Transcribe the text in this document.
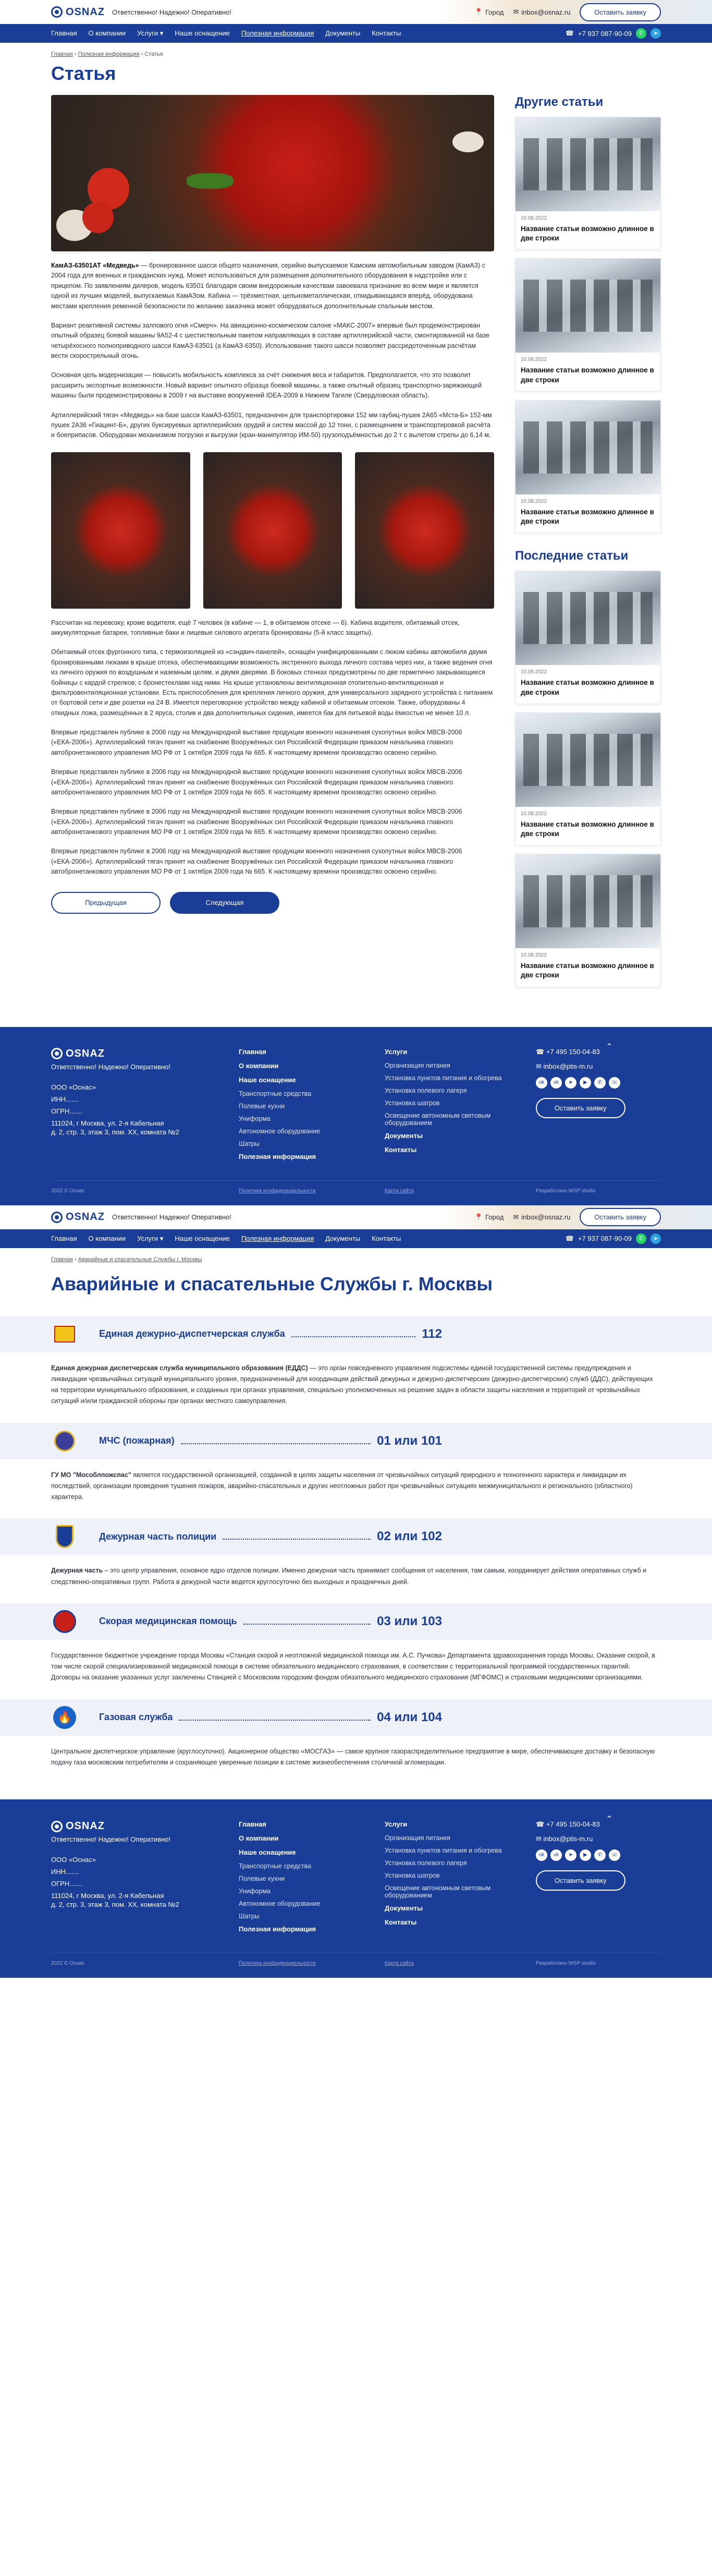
OSNAZ Ответственно! Надежно! Оперативно!	📍 Город ✉ inbox@osnaz.ru	Оставить заявку
Главная О компании Услуги ▾ Наше оснащение Полезная информация Документы Контакты	☎ +7 937 087-90-09	✆	➤
Главная › Полезная информация › Статья
Статья

КамАЗ-63501АТ «Медведь» — бронированное шасси общего назначения, серийно выпускаемое Камским автомобильным заводом (КамАЗ) с 2004 года для военных и гражданских нужд. Может использоваться для размещения дополнительного оборудования в надстройке или с прицепом. По заявлениям дилеров, модель 63501 благодаря своим внедорожным качествам завоевала признание во всем мире и является одной из лучших моделей, выпускаемых КамАЗом. Кабина — трёхместная, цельнометаллическая, откидывающаяся вперёд, оборудована местами крепления ременной безопасности по желанию заказчика может оборудоваться дополнительным спальным местом.

Вариант реактивной системы залпового огня «Смерч». На авиационно-космическом салоне «МАКС-2007» впервые был продемонстрирован опытный образец боевой машины 9А52-4 с шестиствольным пакетом направляющих в составе артиллерийской части, смонтированной на базе четырёхосного полноприводного шасси КамАЗ-63501 (а КамАЗ-6350). Использование такого шасси позволяет рассредоточенным расчётам вести скорострельный огонь.

Основная цель модернизации — повысить мобильность комплекса за счёт снижения веса и габаритов. Предполагается, что это позволит расширить экспортные возможности. Новый вариант опытного образца боевой машины, а также опытный образец транспортно-заряжающей машины были продемонстрированы в 2009 г на выставке вооружений IDEA-2009 в Нижнем Тагиле (Свердловская область).

Артиллерийский тягач «Медведь» на базе шасси КамАЗ-63501, предназначен для транспортировки 152 мм гаубиц-пушек 2А65 «Мста-Б» 152-мм пушек 2А36 «Гиацинт-Б», других буксируемых артиллерийских орудий и систем массой до 12 тонн, с размещением и транспортировкой расчёта и боеприпасов. Оборудован механизмом погрузки и выгрузки (кран-манипулятор ИМ-50) грузоподъёмностью до 2 т с вылетом стрелы до 6,14 м.

Рассчитан на перевозку, кроме водителя, ещё 7 человек (в кабине — 1, в обитаемом отсеке — 6). Кабина водителя, обитаемый отсек, аккумуляторные батареи, топливные баки и лицевые силового агрегата бронированы (5-й класс защиты).

Обитаемый отсек фургонного типа, с термоизоляцией из «сэндвич-панелей», оснащён унифицированными с люком кабины автомобиля двумя бронированными люками в крыше отсека, обеспечивающими возможность экстренного выхода личного состава через них, а также ведения огня из личного оружия по воздушным и наземным целям, и двумя дверями. В боковых стенках предусмотрены по две герметично закрывающиеся бойницы с кардой стрелков; с бронестеклами над ними. На крыше установлены вентиляционная отопительно-вентиляционная и фильтровентиляционная установки. Есть приспособления для крепления личного оружия, для универсального зарядного устройства с питанием от бортовой сети и две розетки на 24 В. Имеется переговорное устройство между кабиной и обитаемым отсеком. Также, оборудованы 4 откидных ложа, размещённых в 2 яруса, столик и два дополнительных сидения, имеется бак для питьевой воды ёмкостью не менее 10 л.

Впервые представлен публике в 2006 году на Международной выставке продукции военного назначения сухопутных войск МВСВ-2006 («ЕКА-2006»). Артиллерийский тягач принят на снабжение Вооружённых сил Российской Федерации приказом начальника главного автобронетанкового управления МО РФ от 1 октября 2009 года № 665. К настоящему времени производство освоено серийно.

Впервые представлен публике в 2006 году на Международной выставке продукции военного назначения сухопутных войск МВСВ-2006 («ЕКА-2006»). Артиллерийский тягач принят на снабжение Вооружённых сил Российской Федерации приказом начальника главного автобронетанкового управления МО РФ от 1 октября 2009 года № 665. К настоящему времени производство освоено серийно.

Впервые представлен публике в 2006 году на Международной выставке продукции военного назначения сухопутных войск МВСВ-2006 («ЕКА-2006»). Артиллерийский тягач принят на снабжение Вооружённых сил Российской Федерации приказом начальника главного автобронетанкового управления МО РФ от 1 октября 2009 года № 665. К настоящему времени производство освоено серийно.

Впервые представлен публике в 2006 году на Международной выставке продукции военного назначения сухопутных войск МВСВ-2006 («ЕКА-2006»). Артиллерийский тягач принят на снабжение Вооружённых сил Российской Федерации приказом начальника главного автобронетанкового управления МО РФ от 1 октября 2009 года № 665. К настоящему времени производство освоено серийно.

Предыдущая	Следующая
Другие статьи
10.08.2022
Название статьи возможно длинное в две строки
10.08.2022
Название статьи возможно длинное в две строки
10.08.2022
Название статьи возможно длинное в две строки
Последние статьи
10.08.2022
Название статьи возможно длинное в две строки
10.08.2022
Название статьи возможно длинное в две строки
10.08.2022
Название статьи возможно длинное в две строки
⌃
OSNAZ
Ответственно! Надежно! Оперативно!
ООО «Оснас»
ИНН.......
ОГРН.......
111024, г Москва, ул. 2-я Кабельная
д. 2, стр. 3, этаж 3, пом. XX, комната №2
Главная
О компании
Наше оснащение
Транспортные средства
Полевые кухни
Униформа
Автономное оборудование
Шатры
Полезная информация
Услуги
Организация питания
Установка пунктов питания и обогрева
Установка полевого лагеря
Установка шатров
Освещение автономным световым оборудованием
Документы
Контакты
☎ +7 495 150-04-83
✉ inbox@ptis-m.ru
ok	vk	➤	▶	✆	☏
Оставить заявку
2022 © Оснас	Политика конфиденциальности	Карта сайта	Разработано WSP studio
OSNAZ Ответственно! Надежно! Оперативно!	📍 Город ✉ inbox@osnaz.ru	Оставить заявку
Главная О компании Услуги ▾ Наше оснащение Полезная информация Документы Контакты	☎ +7 937 087-90-09	✆	➤
Главная › Аварийные и спасательные Службы г. Москвы
Аварийные и спасательные Службы г. Москвы
Единая дежурно-диспетчерская служба	112

Единая дежурная диспетчерская служба муниципального образования (ЕДДС) — это орган повседневного управления подсистемы единой государственной системы предупреждения и ликвидации чрезвычайных ситуаций муниципального уровня, предназначенный для координации действий дежурных и дежурно-диспетчерских (дежурно-диспетчерских) служб (ДДС), действующих на территории муниципального образования, и созданных при органах управления, специально уполномоченных на решение задач в области защиты населения и территорий от чрезвычайных ситуаций и/или гражданской обороны при органах местного самоуправления.

МЧС (пожарная)	01 или 101

ГУ МО "Мособлпожспас" является государственной организацией, созданной в целях защиты населения от чрезвычайных ситуаций природного и техногенного характера и ликвидации их последствий, организации проведения тушения пожаров, аварийно-спасательных и других неотложных работ при чрезвычайных ситуациях межмуниципального и регионального (областного) характера.

Дежурная часть полиции	02 или 102

Дежурная часть – это центр управления, основное ядро отделов полиции. Именно дежурная часть принимает сообщения от населения, там самым, координирует действия оперативных служб и следственно-оперативных групп. Работа в дежурной части ведется круглосуточно без выходных и праздничных дней.

Скорая медицинская помощь	03 или 103

Государственное бюджетное учреждение города Москвы «Станция скорой и неотложной медицинской помощи им. А.С. Пучкова» Департамента здравоохранения города Москвы. Оказание скорой, в том числе скорой специализированной медицинской помощи в системе обязательного медицинского страхования, в соответствии с территориальной программой государственных гарантий. Договоры на оказание указанных услуг заключены Станцией с Московским городским фондом обязательного медицинского страхования (МГФОМС) и страховыми медицинскими организациями.

🔥	Газовая служба	04 или 104

Центральное диспетчерское управление (круглосуточно). Акционерное общество «МОСГАЗ» — самое крупное газораспределительное предприятие в мире, обеспечивающее доставку и безопасную подачу газа московским потребителям и сохраняющее уверенные позиции в системе жизнеобеспечения столичной агломерации.

⌃
OSNAZ
Ответственно! Надежно! Оперативно!
ООО «Оснас»
ИНН.......
ОГРН.......
111024, г Москва, ул. 2-я Кабельная
д. 2, стр. 3, этаж 3, пом. XX, комната №2
Главная
О компании
Наше оснащение
Транспортные средства
Полевые кухни
Униформа
Автономное оборудование
Шатры
Полезная информация
Услуги
Организация питания
Установка пунктов питания и обогрева
Установка полевого лагеря
Установка шатров
Освещение автономным световым оборудованием
Документы
Контакты
☎ +7 495 150-04-83
✉ inbox@ptis-m.ru
ok	vk	➤	▶	✆	☏
Оставить заявку
2022 © Оснас	Политика конфиденциальности	Карта сайта	Разработано WSP studio
